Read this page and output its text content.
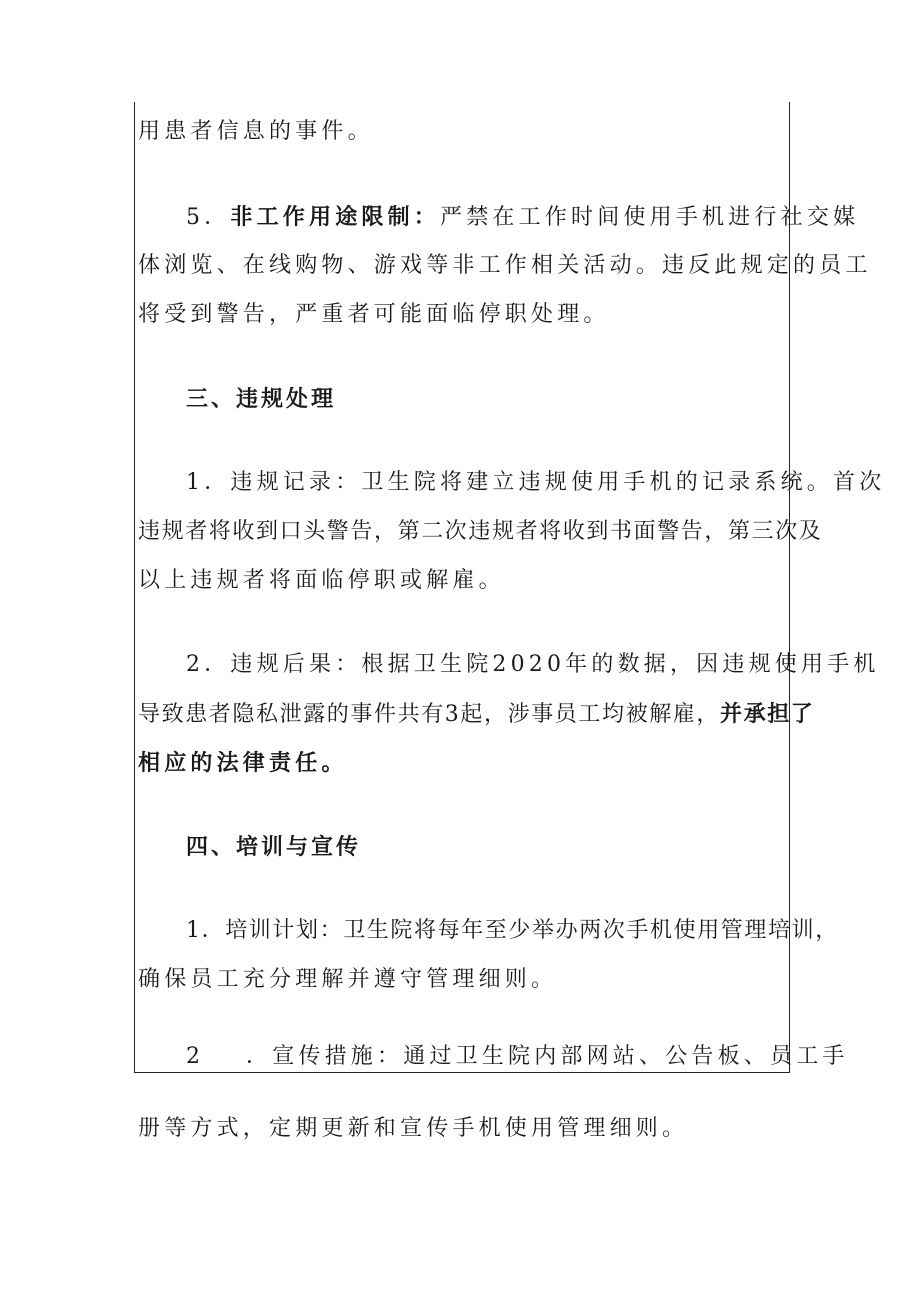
用患者信息的事件。
5．非工作用途限制：严禁在工作时间使用手机进行社交媒
体浏览、在线购物、游戏等非工作相关活动。违反此规定的员工
将受到警告，严重者可能面临停职处理。
三、违规处理
1．违规记录：卫生院将建立违规使用手机的记录系统。首次
违规者将收到口头警告，第二次违规者将收到书面警告，第三次及
以上违规者将面临停职或解雇。
2．违规后果：根据卫生院2020年的数据，因违规使用手机
导致患者隐私泄露的事件共有3起，涉事员工均被解雇，并承担了
相应的法律责任。
四、培训与宣传
1．培训计划：卫生院将每年至少举办两次手机使用管理培训，
确保员工充分理解并遵守管理细则。
2 ．宣传措施：通过卫生院内部网站、公告板、员工手
册等方式，定期更新和宣传手机使用管理细则。
